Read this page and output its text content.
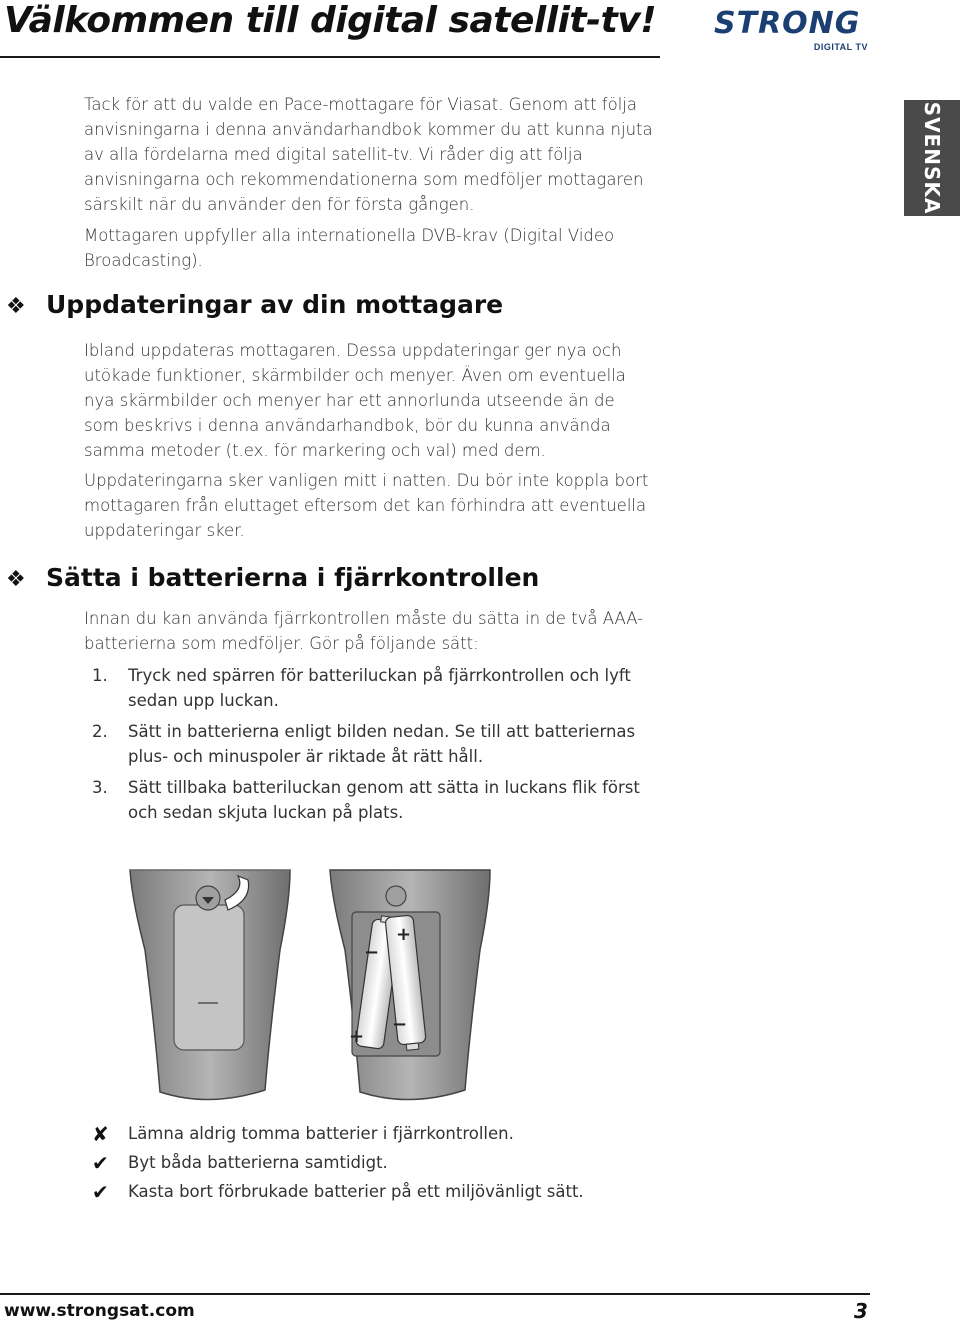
Välkommen till digital satellit-tv! STRONG
DIGITAL TV
SVENSKA

Tack för att du valde en Pace-mottagare för Viasat. Genom att följa anvisningarna i denna användarhandbok kommer du att kunna njuta av alla fördelarna med digital satellit-tv. Vi råder dig att följa anvisningarna och rekommendationerna som medföljer mottagaren särskilt när du använder den för första gången.

Mottagaren uppfyller alla internationella DVB-krav (Digital Video Broadcasting).

❖ Uppdateringar av din mottagare

Ibland uppdateras mottagaren. Dessa uppdateringar ger nya och utökade funktioner, skärmbilder och menyer. Även om eventuella nya skärmbilder och menyer har ett annorlunda utseende än de som beskrivs i denna användarhandbok, bör du kunna använda samma metoder (t.ex. för markering och val) med dem.

Uppdateringarna sker vanligen mitt i natten. Du bör inte koppla bort mottagaren från eluttaget eftersom det kan förhindra att eventuella uppdateringar sker.

❖ Sätta i batterierna i fjärrkontrollen

Innan du kan använda fjärrkontrollen måste du sätta in de två AAA-batterierna som medföljer. Gör på följande sätt:

1. Tryck ned spärren för batteriluckan på fjärrkontrollen och lyft sedan upp luckan.
2. Sätt in batterierna enligt bilden nedan. Se till att batteriernas plus- och minuspoler är riktade åt rätt håll.
3. Sätt tillbaka batteriluckan genom att sätta in luckans flik först och sedan skjuta luckan på plats.
−
+
+
−
✘	Lämna aldrig tomma batterier i fjärrkontrollen.
✔	Byt båda batterierna samtidigt.
✔	Kasta bort förbrukade batterier på ett miljövänligt sätt.
www.strongsat.com	3
